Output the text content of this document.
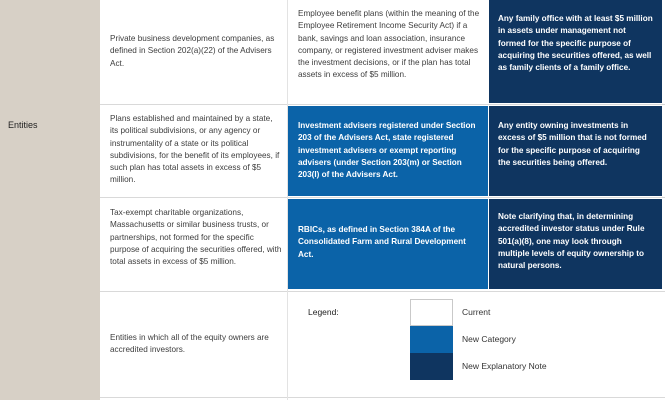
Entities
Private business development companies, as defined in Section 202(a)(22) of the Advisers Act.
Employee benefit plans (within the meaning of the Employee Retirement Income Security Act) if a bank, savings and loan association, insurance company, or registered investment adviser makes the investment decisions, or if the plan has total assets in excess of $5 million.
Any family office with at least $5 million in assets under management not formed for the specific purpose of acquiring the securities offered, as well as family clients of a family office.
Plans established and maintained by a state, its political subdivisions, or any agency or instrumentality of a state or its political subdivisions, for the benefit of its employees, if such plan has total assets in excess of $5 million.
Investment advisers registered under Section 203 of the Advisers Act, state registered investment advisers or exempt reporting advisers (under Section 203(m) or Section 203(l) of the Advisers Act.
Any entity owning investments in excess of $5 million that is not formed for the specific purpose of acquiring the securities being offered.
Tax-exempt charitable organizations, Massachusetts or similar business trusts, or partnerships, not formed for the specific purpose of acquiring the securities offered, with total assets in excess of $5 million.
RBICs, as defined in Section 384A of the Consolidated Farm and Rural Development Act.
Note clarifying that, in determining accredited investor status under Rule 501(a)(8), one may look through multiple levels of equity ownership to natural persons.
Entities in which all of the equity owners are accredited investors.
Legend:	Current
New Category
New Explanatory Note
